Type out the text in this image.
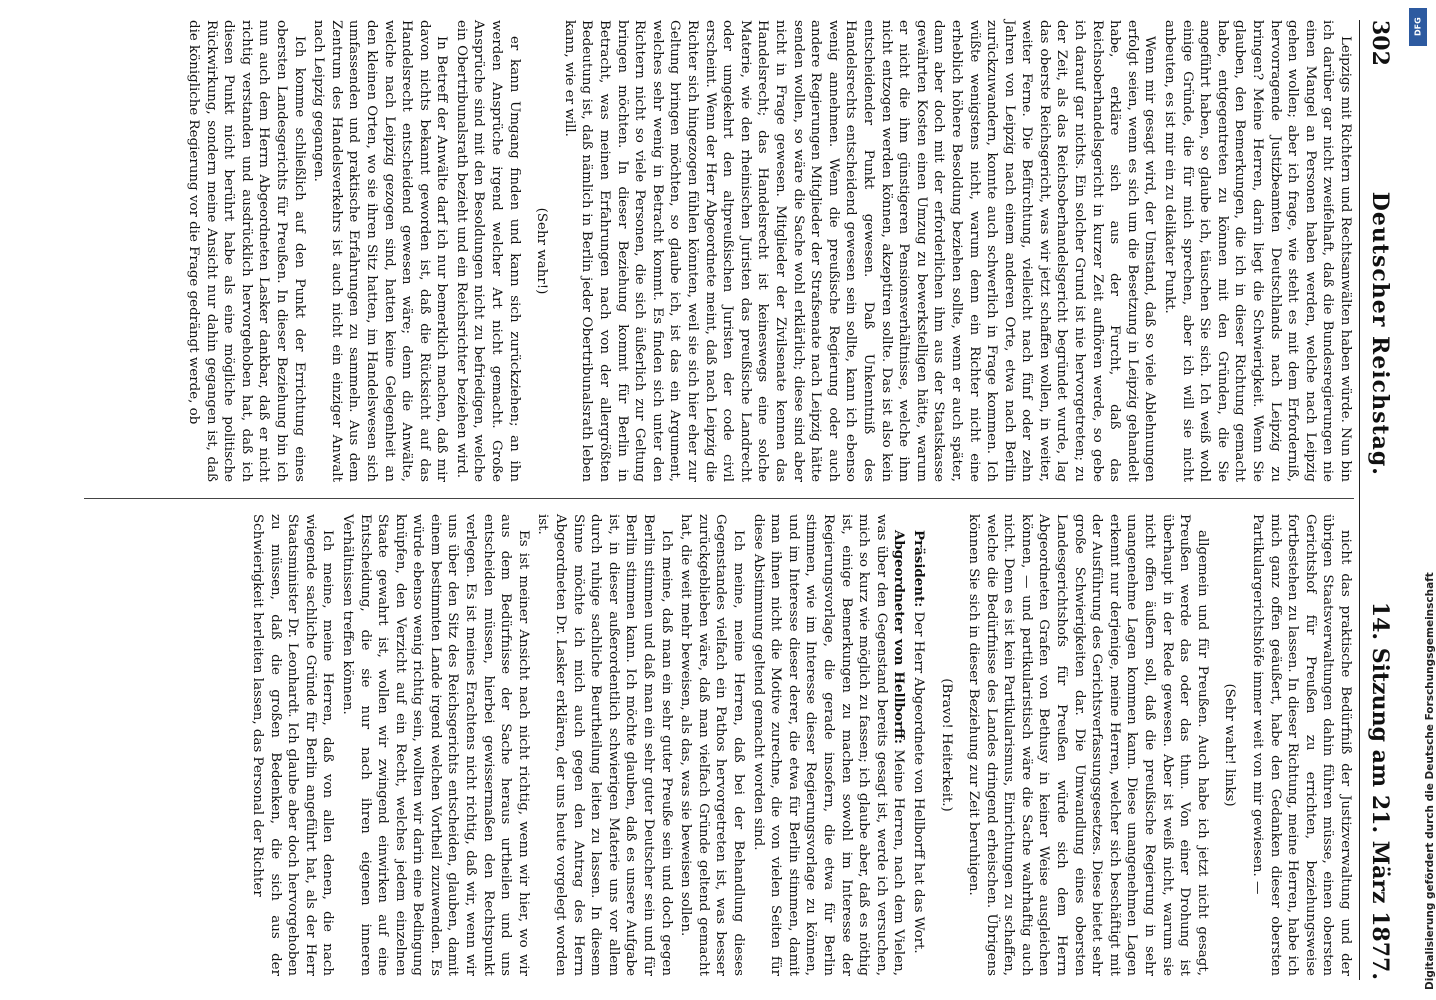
302
Deutscher Reichstag.
14. Sitzung am 21. März 1877.

Leipzigs mit Richtern und Rechtsanwälten haben würde. Nun bin ich darüber gar nicht zweifelhaft, daß die Bundesregierungen nie einen Mangel an Personen haben werden, welche nach Leipzig gehen wollen; aber ich frage, wie steht es mit dem Erforderniß, hervorragende Justizbeamten Deutschlands nach Leipzig zu bringen? Meine Herren, darin liegt die Schwierigkeit. Wenn Sie glauben, den Bemerkungen, die ich in dieser Richtung gemacht habe, entgegentreten zu können mit den Gründen, die Sie angeführt haben, so glaube ich, täuschen Sie sich. Ich weiß wohl einige Gründe, die für mich sprechen, aber ich will sie nicht anbeuten, es ist mir ein zu delikater Punkt.

Wenn mir gesagt wird, der Umstand, daß so viele Ablehnungen erfolgt seien, wenn es sich um die Besetzung in Leipzig gehandelt habe, erkläre sich aus der Furcht, daß das Reichsoberhandelsgericht in kurzer Zeit aufhören werde, so gebe ich darauf gar nichts. Ein solcher Grund ist nie hervorgetreten; zu der Zeit, als das Reichsoberhandelsgericht begründet wurde, lag das oberste Reichsgericht, was wir jetzt schaffen wollen, in weiter, weiter Ferne. Die Befürchtung, vielleicht nach fünf oder zehn Jahren von Leipzig nach einem anderen Orte, etwa nach Berlin zurückzuwandern, konnte auch schwerlich in Frage kommen. Ich wüßte wenigstens nicht, warum denn ein Richter nicht eine erheblich höhere Besoldung beziehen sollte, wenn er auch später, dann aber doch mit der erforderlichen ihm aus der Staatskasse gewährten Kosten einen Umzug zu bewerkstelligen hätte, warum er nicht die ihm günstigeren Pensionsverhältnisse, welche ihm nicht entzogen werden können, akzeptiren sollte. Das ist also kein entscheidender Punkt gewesen. Daß Unkenntniß des Handelsrechts entscheidend gewesen sein sollte, kann ich ebenso wenig annehmen. Wenn die preußische Regierung oder auch andere Regierungen Mitglieder der Strafsenate nach Leipzig hätte senden wollen, so wäre die Sache wohl erklärlich; diese sind aber nicht in Frage gewesen. Mitglieder der Zivilsenate kennen das Handelsrecht; das Handelsrecht ist keineswegs eine solche Materie, wie den rheinischen Juristen das preußische Landrecht oder umgekehrt den altpreußischen Juristen der code civil erscheint. Wenn der Herr Abgeordnete meint, daß nach Leipzig die Richter sich hingezogen fühlen könnten, weil sie sich hier eher zur Geltung bringen möchten, so glaube ich, ist das ein Argument, welches sehr wenig in Betracht kommt. Es finden sich unter den Richtern nicht so viele Personen, die sich äußerlich zur Geltung bringen möchten. In dieser Beziehung kommt für Berlin in Betracht, was meinen Erfahrungen nach von der allergrößten Bedeutung ist, daß nämlich in Berlin jeder Obertribunalsrath leben kann, wie er will.

(Sehr wahr!)

er kann Umgang finden und kann sich zurückziehen; an ihn werden Ansprüche irgend welcher Art nicht gemacht. Große Ansprüche sind mit den Besoldungen nicht zu befriedigen, welche ein Obertribunalsrath bezieht und ein Reichsrichter beziehen wird.

In Betreff der Anwälte darf ich nur bemerklich machen, daß mir davon nichts bekannt geworden ist, daß die Rücksicht auf das Handelsrecht entscheidend gewesen wäre; denn die Anwälte, welche nach Leipzig gezogen sind, hatten keine Gelegenheit an den kleinen Orten, wo sie ihren Sitz hatten, im Handelswesen sich umfassenden und praktische Erfahrungen zu sammeln. Aus dem Zentrum des Handelsverkehrs ist auch nicht ein einziger Anwalt nach Leipzig gegangen.

Ich komme schließlich auf den Punkt der Errichtung eines obersten Landesgerichts für Preußen. In dieser Beziehung bin ich nun auch dem Herrn Abgeordneten Lasker dankbar, daß er nicht richtig verstanden und ausdrücklich hervorgehoben hat, daß ich diesen Punkt nicht berührt habe als eine mögliche politische Rückwirkung, sondern meine Ansicht nur dahin gegangen ist, daß die königliche Regierung vor die Frage gedrängt werde, ob

nicht das praktische Bedürfniß der Justizverwaltung und der übrigen Staatsverwaltungen dahin führen müsse, einen obersten Gerichtshof für Preußen zu errichten, beziehungsweise fortbestehen zu lassen. In dieser Richtung, meine Herren, habe ich mich ganz offen geäußert, habe den Gedanken dieser obersten Partikulargerichtshöfe immer weit von mir gewiesen. —

(Sehr wahr! links)

allgemein und für Preußen. Auch habe ich jetzt nicht gesagt, Preußen werde das oder das thun. Von einer Drohung ist überhaupt in der Rede gewesen. Aber ist weiß nicht, warum sie nicht offen äußern soll, daß die preußische Regierung in sehr unangenehme Lagen kommen kann. Diese unangenehmen Lagen erkennt nur derjenige, meine Herren, welcher sich beschäftigt mit der Ausführung des Gerichtsverfassungsgesetzes. Diese bietet sehr große Schwierigkeiten dar. Die Umwandlung eines obersten Landesgerichtshofs für Preußen würde sich dem Herrn Abgeordneten Grafen von Bethusy in keiner Weise ausgleichen können, — und partikularistisch wäre die Sache wahrhaftig auch nicht. Denn es ist kein Partikularismus, Einrichtungen zu schaffen, welche die Bedürfnisse des Landes dringend erheischen. Übrigens können Sie sich in dieser Beziehung zur Zeit beruhigen.

(Bravo! Heiterkeit.)

Präsident: Der Herr Abgeordnete von Hellborff hat das Wort.

Abgeordneter von Hellborff: Meine Herren, nach dem Vielen, was über den Gegenstand bereits gesagt ist, werde ich versuchen, mich so kurz wie möglich zu fassen; ich glaube aber, daß es nöthig ist, einige Bemerkungen zu machen sowohl im Interesse der Regierungsvorlage, die gerade insofern, die etwa für Berlin stimmen, wie im Interesse dieser Regierungsvorlage zu können, und im Interesse dieser derer, die etwa für Berlin stimmen, damit man ihnen nicht die Motive zurechne, die von vielen Seiten für diese Abstimmung geltend gemacht worden sind.

Ich meine, meine Herren, daß bei der Behandlung dieses Gegenstandes vielfach ein Pathos hervorgetreten ist, was besser zurückgeblieben wäre, daß man vielfach Gründe geltend gemacht hat, die weit mehr beweisen, als das, was sie beweisen sollen.

Ich meine, daß man ein sehr guter Preuße sein und doch gegen Berlin stimmen und daß man ein sehr guter Deutscher sein und für Berlin stimmen kann. Ich möchte glauben, daß es unsere Aufgabe ist, in dieser außerordentlich schwierigen Materie uns vor allem durch ruhige sachliche Beurtheilung leiten zu lassen. In diesem Sinne möchte ich mich auch gegen den Antrag des Herrn Abgeordneten Dr. Lasker erklären, der uns heute vorgelegt worden ist.

Es ist meiner Ansicht nach nicht richtig, wenn wir hier, wo wir aus dem Bedürfnisse der Sache heraus urtheilen und uns entscheiden müssen, hierbei gewissermaßen den Rechtspunkt verlegen. Es ist meines Erachtens nicht richtig, daß wir, wenn wir uns über den Sitz des Reichsgerichts entscheiden, glauben, damit einem bestimmten Lande irgend welchen Vortheil zuzuwenden. Es würde ebenso wenig richtig sein, wollten wir darin eine Bedingung knüpfen, den Verzicht auf ein Recht, welches jedem einzelnen Staate gewahrt ist, wollen wir zwingend einwirken auf eine Entscheidung, die sie nur nach ihren eigenen inneren Verhältnissen treffen können.

Ich meine, meine Herren, daß von allen denen, die nach wiegende sachliche Gründe für Berlin angeführt hat, als der Herr Staatsminister Dr. Leonhardt. Ich glaube aber doch hervorgehoben zu müssen, daß die großen Bedenken, die sich aus der Schwierigkeit herleiten lassen, das Personal der Richter

DFG
Digitalisierung gefördert durch die Deutsche Forschungsgemeinschaft
